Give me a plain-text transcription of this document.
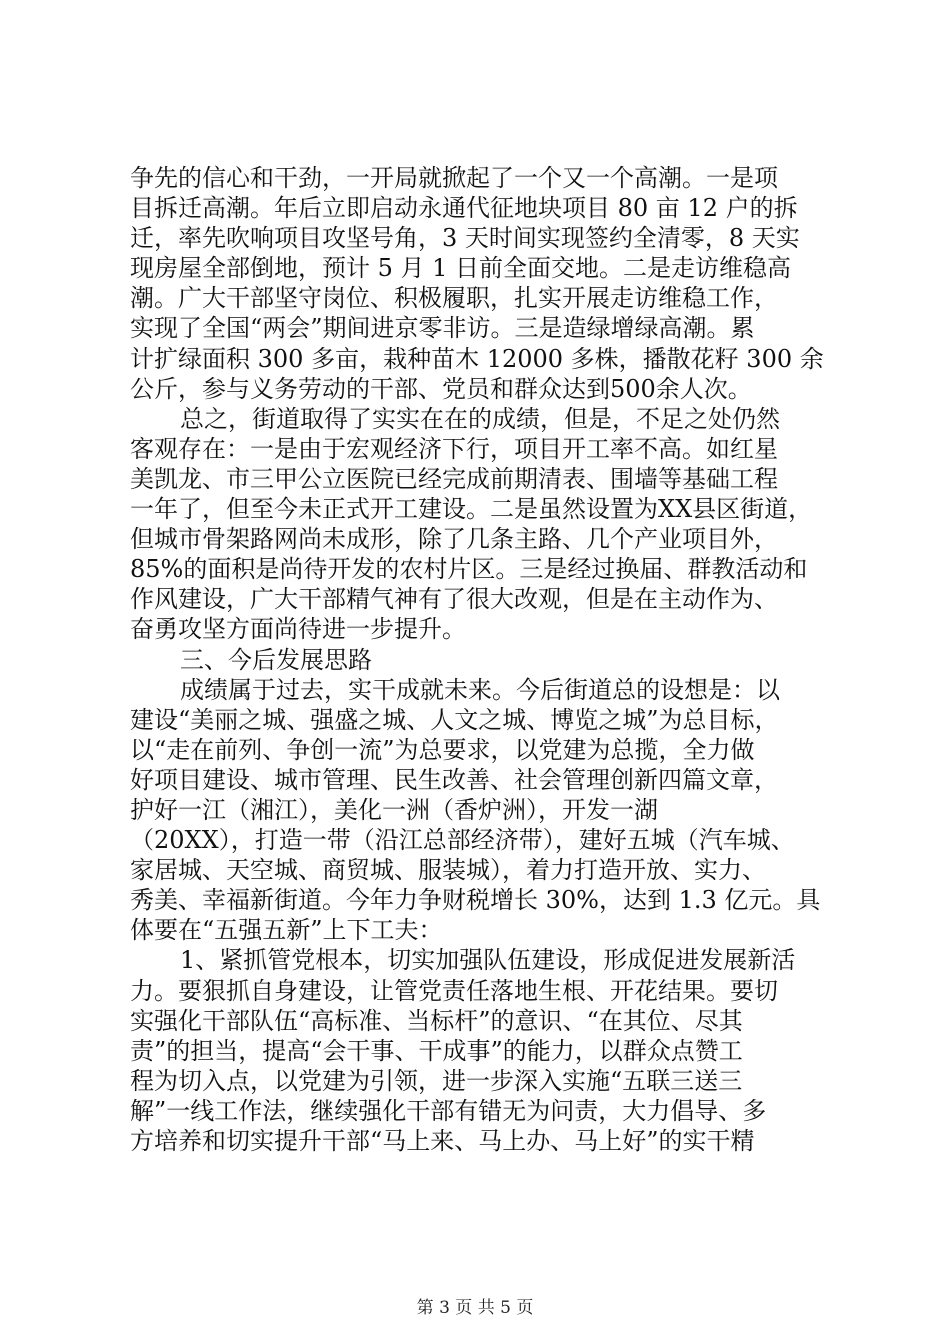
争先的信心和干劲，一开局就掀起了一个又一个高潮。一是项
目拆迁高潮。年后立即启动永通代征地块项目 80 亩 12 户的拆
迁，率先吹响项目攻坚号角，3 天时间实现签约全清零，8 天实
现房屋全部倒地，预计 5 月 1 日前全面交地。二是走访维稳高
潮。广大干部坚守岗位、积极履职，扎实开展走访维稳工作，
实现了全国“两会”期间进京零非访。三是造绿增绿高潮。累
计扩绿面积 300 多亩，栽种苗木 12000 多株，播散花籽 300 余
公斤，参与义务劳动的干部、党员和群众达到500余人次。
总之，街道取得了实实在在的成绩，但是，不足之处仍然
客观存在：一是由于宏观经济下行，项目开工率不高。如红星
美凯龙、市三甲公立医院已经完成前期清表、围墙等基础工程
一年了，但至今未正式开工建设。二是虽然设置为XX县区街道，
但城市骨架路网尚未成形，除了几条主路、几个产业项目外，
85%的面积是尚待开发的农村片区。三是经过换届、群教活动和
作风建设，广大干部精气神有了很大改观，但是在主动作为、
奋勇攻坚方面尚待进一步提升。
三、今后发展思路
成绩属于过去，实干成就未来。今后街道总的设想是：以
建设“美丽之城、强盛之城、人文之城、博览之城”为总目标，
以“走在前列、争创一流”为总要求，以党建为总揽，全力做
好项目建设、城市管理、民生改善、社会管理创新四篇文章，
护好一江（湘江），美化一洲（香炉洲），开发一湖
（20XX），打造一带（沿江总部经济带），建好五城（汽车城、
家居城、天空城、商贸城、服装城），着力打造开放、实力、
秀美、幸福新街道。今年力争财税增长 30%，达到 1.3 亿元。具
体要在“五强五新”上下工夫：
1、紧抓管党根本，切实加强队伍建设，形成促进发展新活
力。要狠抓自身建设，让管党责任落地生根、开花结果。要切
实强化干部队伍“高标准、当标杆”的意识、“在其位、尽其
责”的担当，提高“会干事、干成事”的能力，以群众点赞工
程为切入点，以党建为引领，进一步深入实施“五联三送三
解”一线工作法，继续强化干部有错无为问责，大力倡导、多
方培养和切实提升干部“马上来、马上办、马上好”的实干精
第 3 页 共 5 页
